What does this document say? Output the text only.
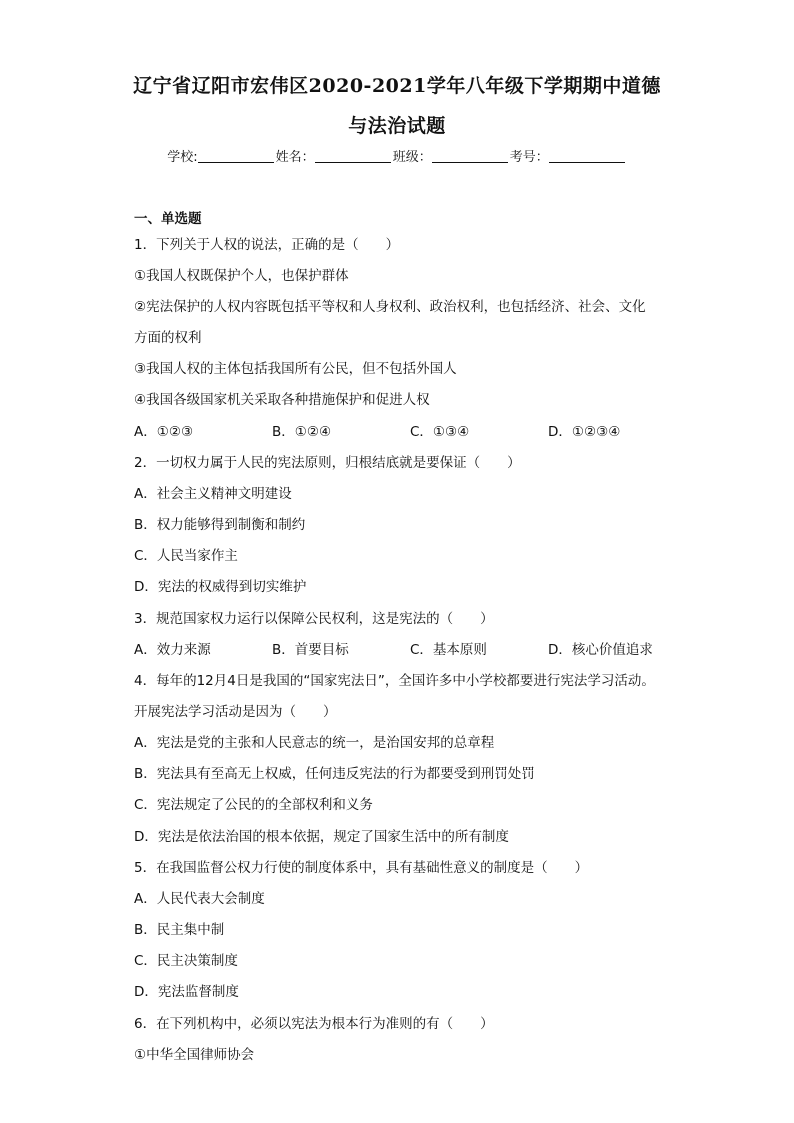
辽宁省辽阳市宏伟区2020-2021学年八年级下学期期中道德
与法治试题
学校:	姓名：	班级：	考号：
一、单选题
1．下列关于人权的说法，正确的是（　　）
①我国人权既保护个人，也保护群体
②宪法保护的人权内容既包括平等权和人身权利、政治权利，也包括经济、社会、文化
方面的权利
③我国人权的主体包括我国所有公民，但不包括外国人
④我国各级国家机关采取各种措施保护和促进人权
A．①②③	B．①②④	C．①③④	D．①②③④
2．一切权力属于人民的宪法原则，归根结底就是要保证（　　）
A．社会主义精神文明建设
B．权力能够得到制衡和制约
C．人民当家作主
D．宪法的权威得到切实维护
3．规范国家权力运行以保障公民权利，这是宪法的（　　）
A．效力来源	B．首要目标	C．基本原则	D．核心价值追求
4．每年的12月4日是我国的“国家宪法日”，全国许多中小学校都要进行宪法学习活动。
开展宪法学习活动是因为（　　）
A．宪法是党的主张和人民意志的统一，是治国安邦的总章程
B．宪法具有至高无上权威，任何违反宪法的行为都要受到刑罚处罚
C．宪法规定了公民的的全部权利和义务
D．宪法是依法治国的根本依据，规定了国家生活中的所有制度
5．在我国监督公权力行使的制度体系中，具有基础性意义的制度是（　　）
A．人民代表大会制度
B．民主集中制
C．民主决策制度
D．宪法监督制度
6．在下列机构中，必须以宪法为根本行为准则的有（　　）
①中华全国律师协会
